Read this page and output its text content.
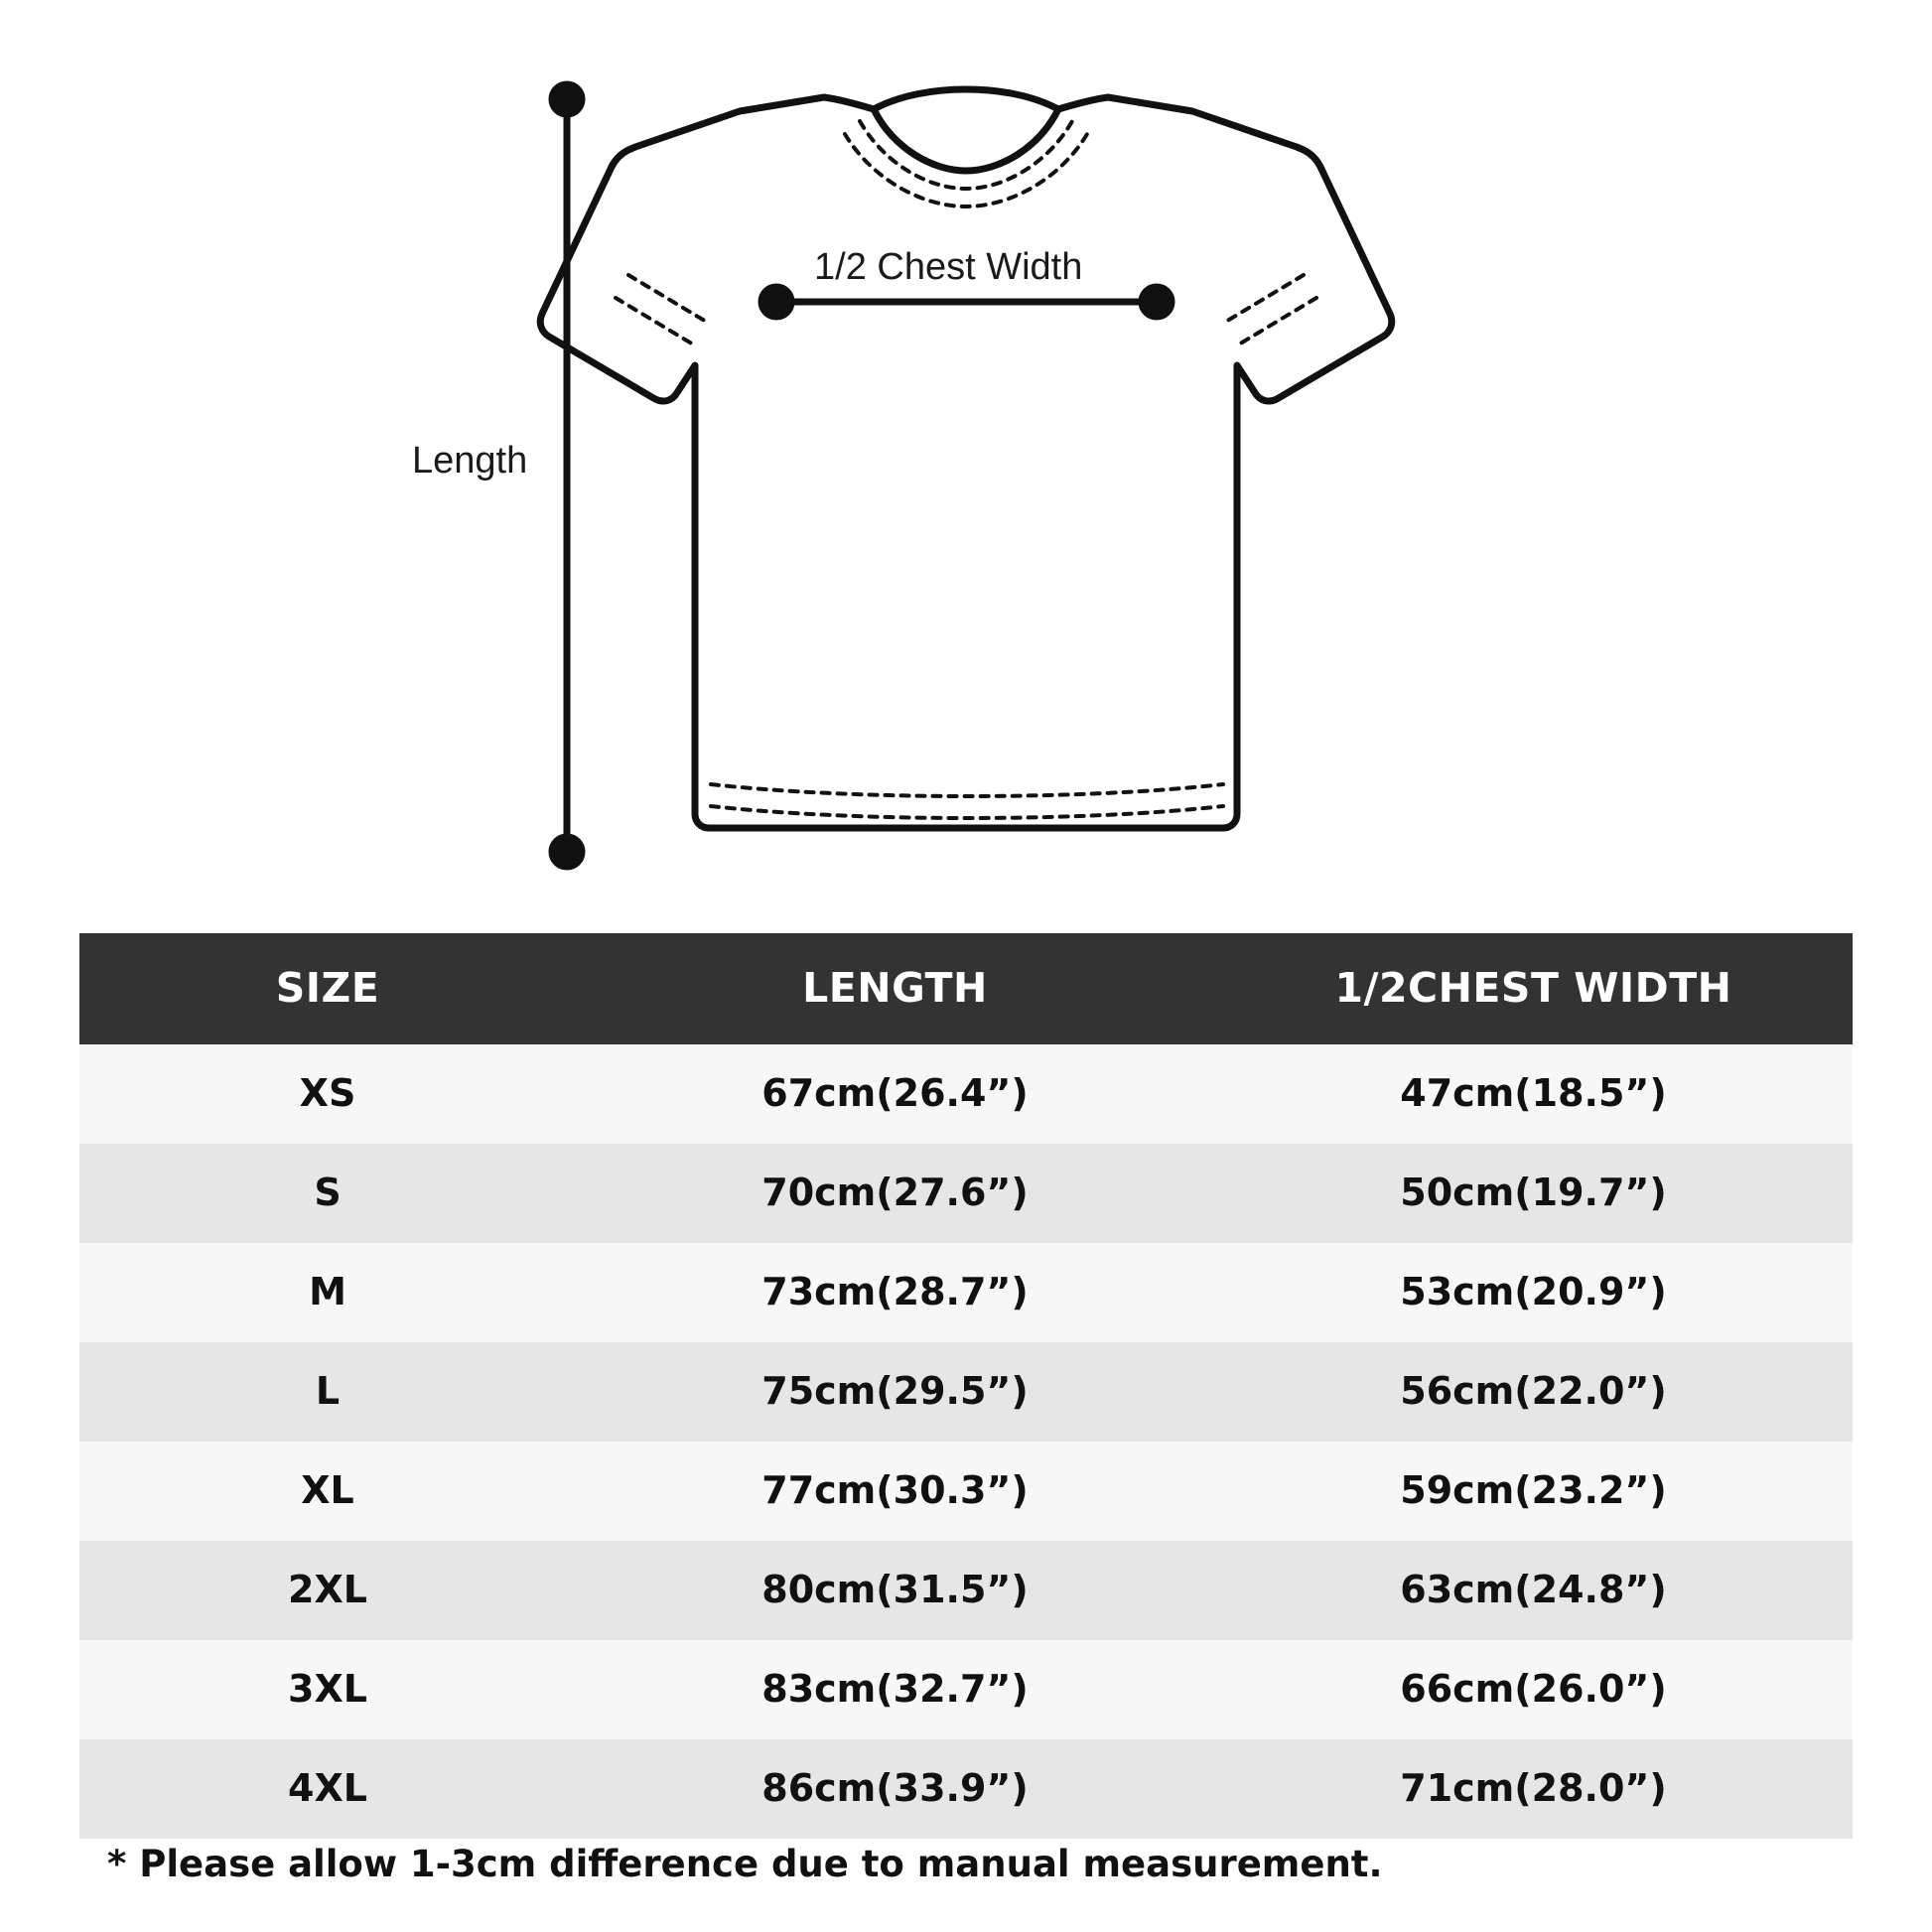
Length
1/2 Chest Width
SIZE	LENGTH	1/2CHEST WIDTH
XS	67cm(26.4”)	47cm(18.5”)
S	70cm(27.6”)	50cm(19.7”)
M	73cm(28.7”)	53cm(20.9”)
L	75cm(29.5”)	56cm(22.0”)
XL	77cm(30.3”)	59cm(23.2”)
2XL	80cm(31.5”)	63cm(24.8”)
3XL	83cm(32.7”)	66cm(26.0”)
4XL	86cm(33.9”)	71cm(28.0”)
* Please allow 1-3cm difference due to manual measurement.
